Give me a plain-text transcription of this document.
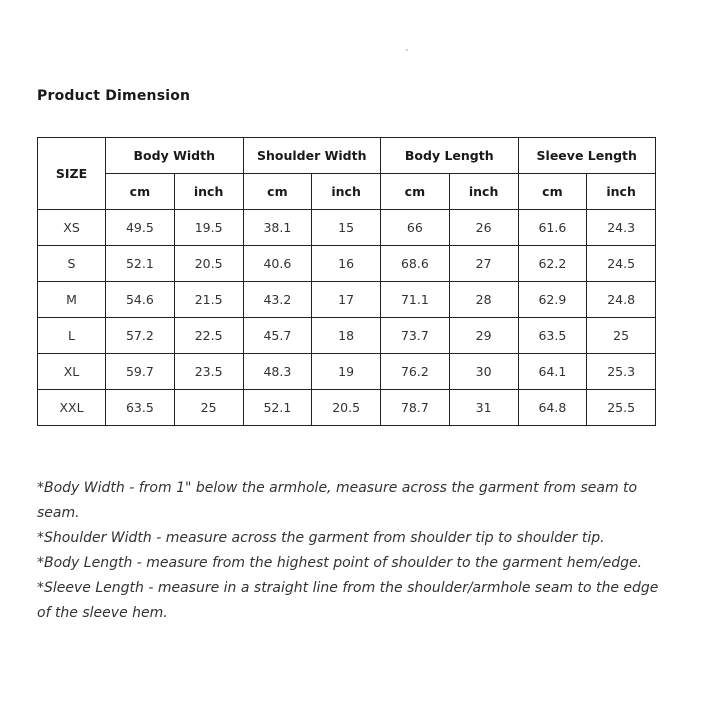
-
Product Dimension
SIZE	Body Width		Shoulder Width		Body Length		Sleeve Length	
	cm	inch	cm	inch	cm	inch	cm	inch
XS	49.5	19.5	38.1	15	66	26	61.6	24.3
S	52.1	20.5	40.6	16	68.6	27	62.2	24.5
M	54.6	21.5	43.2	17	71.1	28	62.9	24.8
L	57.2	22.5	45.7	18	73.7	29	63.5	25
XL	59.7	23.5	48.3	19	76.2	30	64.1	25.3
XXL	63.5	25	52.1	20.5	78.7	31	64.8	25.5

*Body Width - from 1" below the armhole, measure across the garment from seam to seam.

*Shoulder Width - measure across the garment from shoulder tip to shoulder tip.

*Body Length - measure from the highest point of shoulder to the garment hem/edge.

*Sleeve Length - measure in a straight line from the shoulder/armhole seam to the edge of the sleeve hem.
